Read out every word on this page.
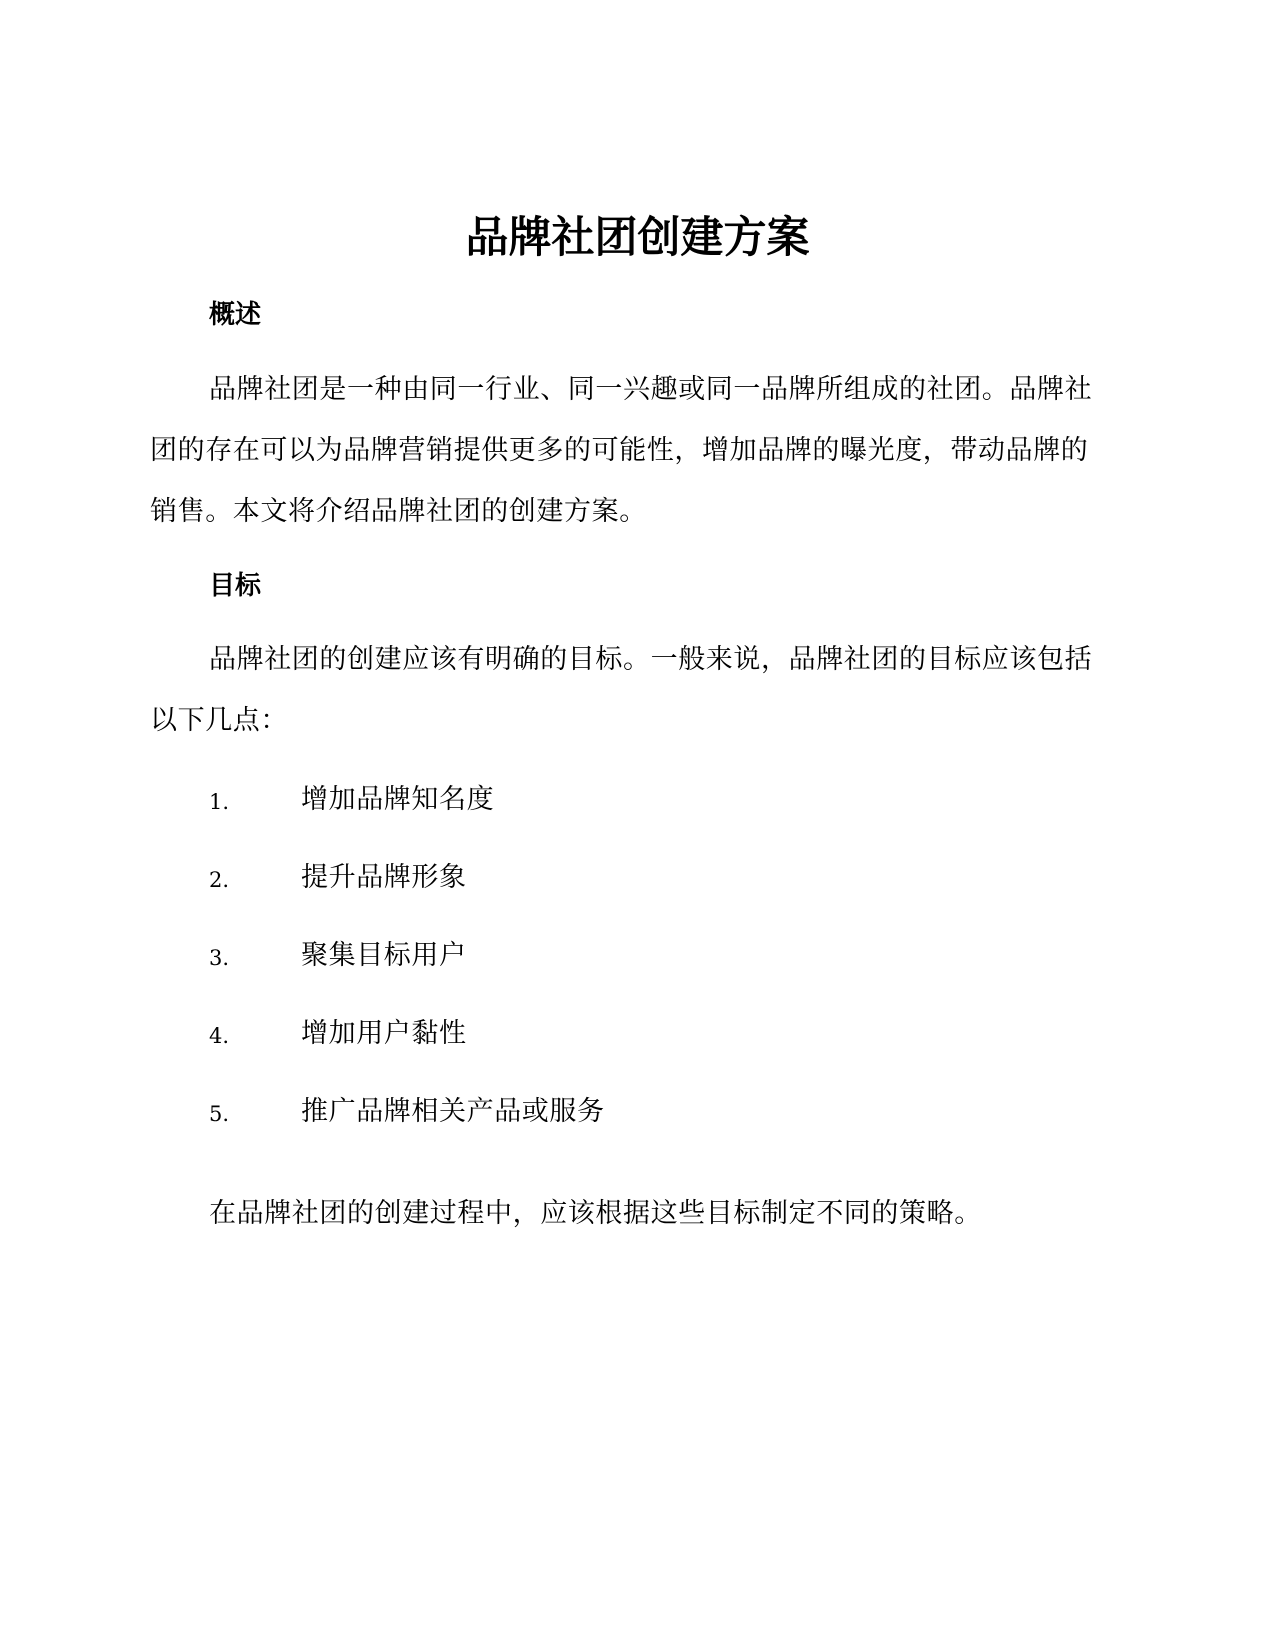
品牌社团创建方案
概述

品牌社团是一种由同一行业、同一兴趣或同一品牌所组成的社团。品牌社团的存在可以为品牌营销提供更多的可能性，增加品牌的曝光度，带动品牌的销售。本文将介绍品牌社团的创建方案。

目标

品牌社团的创建应该有明确的目标。一般来说，品牌社团的目标应该包括以下几点：

1.	增加品牌知名度
2.	提升品牌形象
3.	聚集目标用户
4.	增加用户黏性
5.	推广品牌相关产品或服务

在品牌社团的创建过程中，应该根据这些目标制定不同的策略。
